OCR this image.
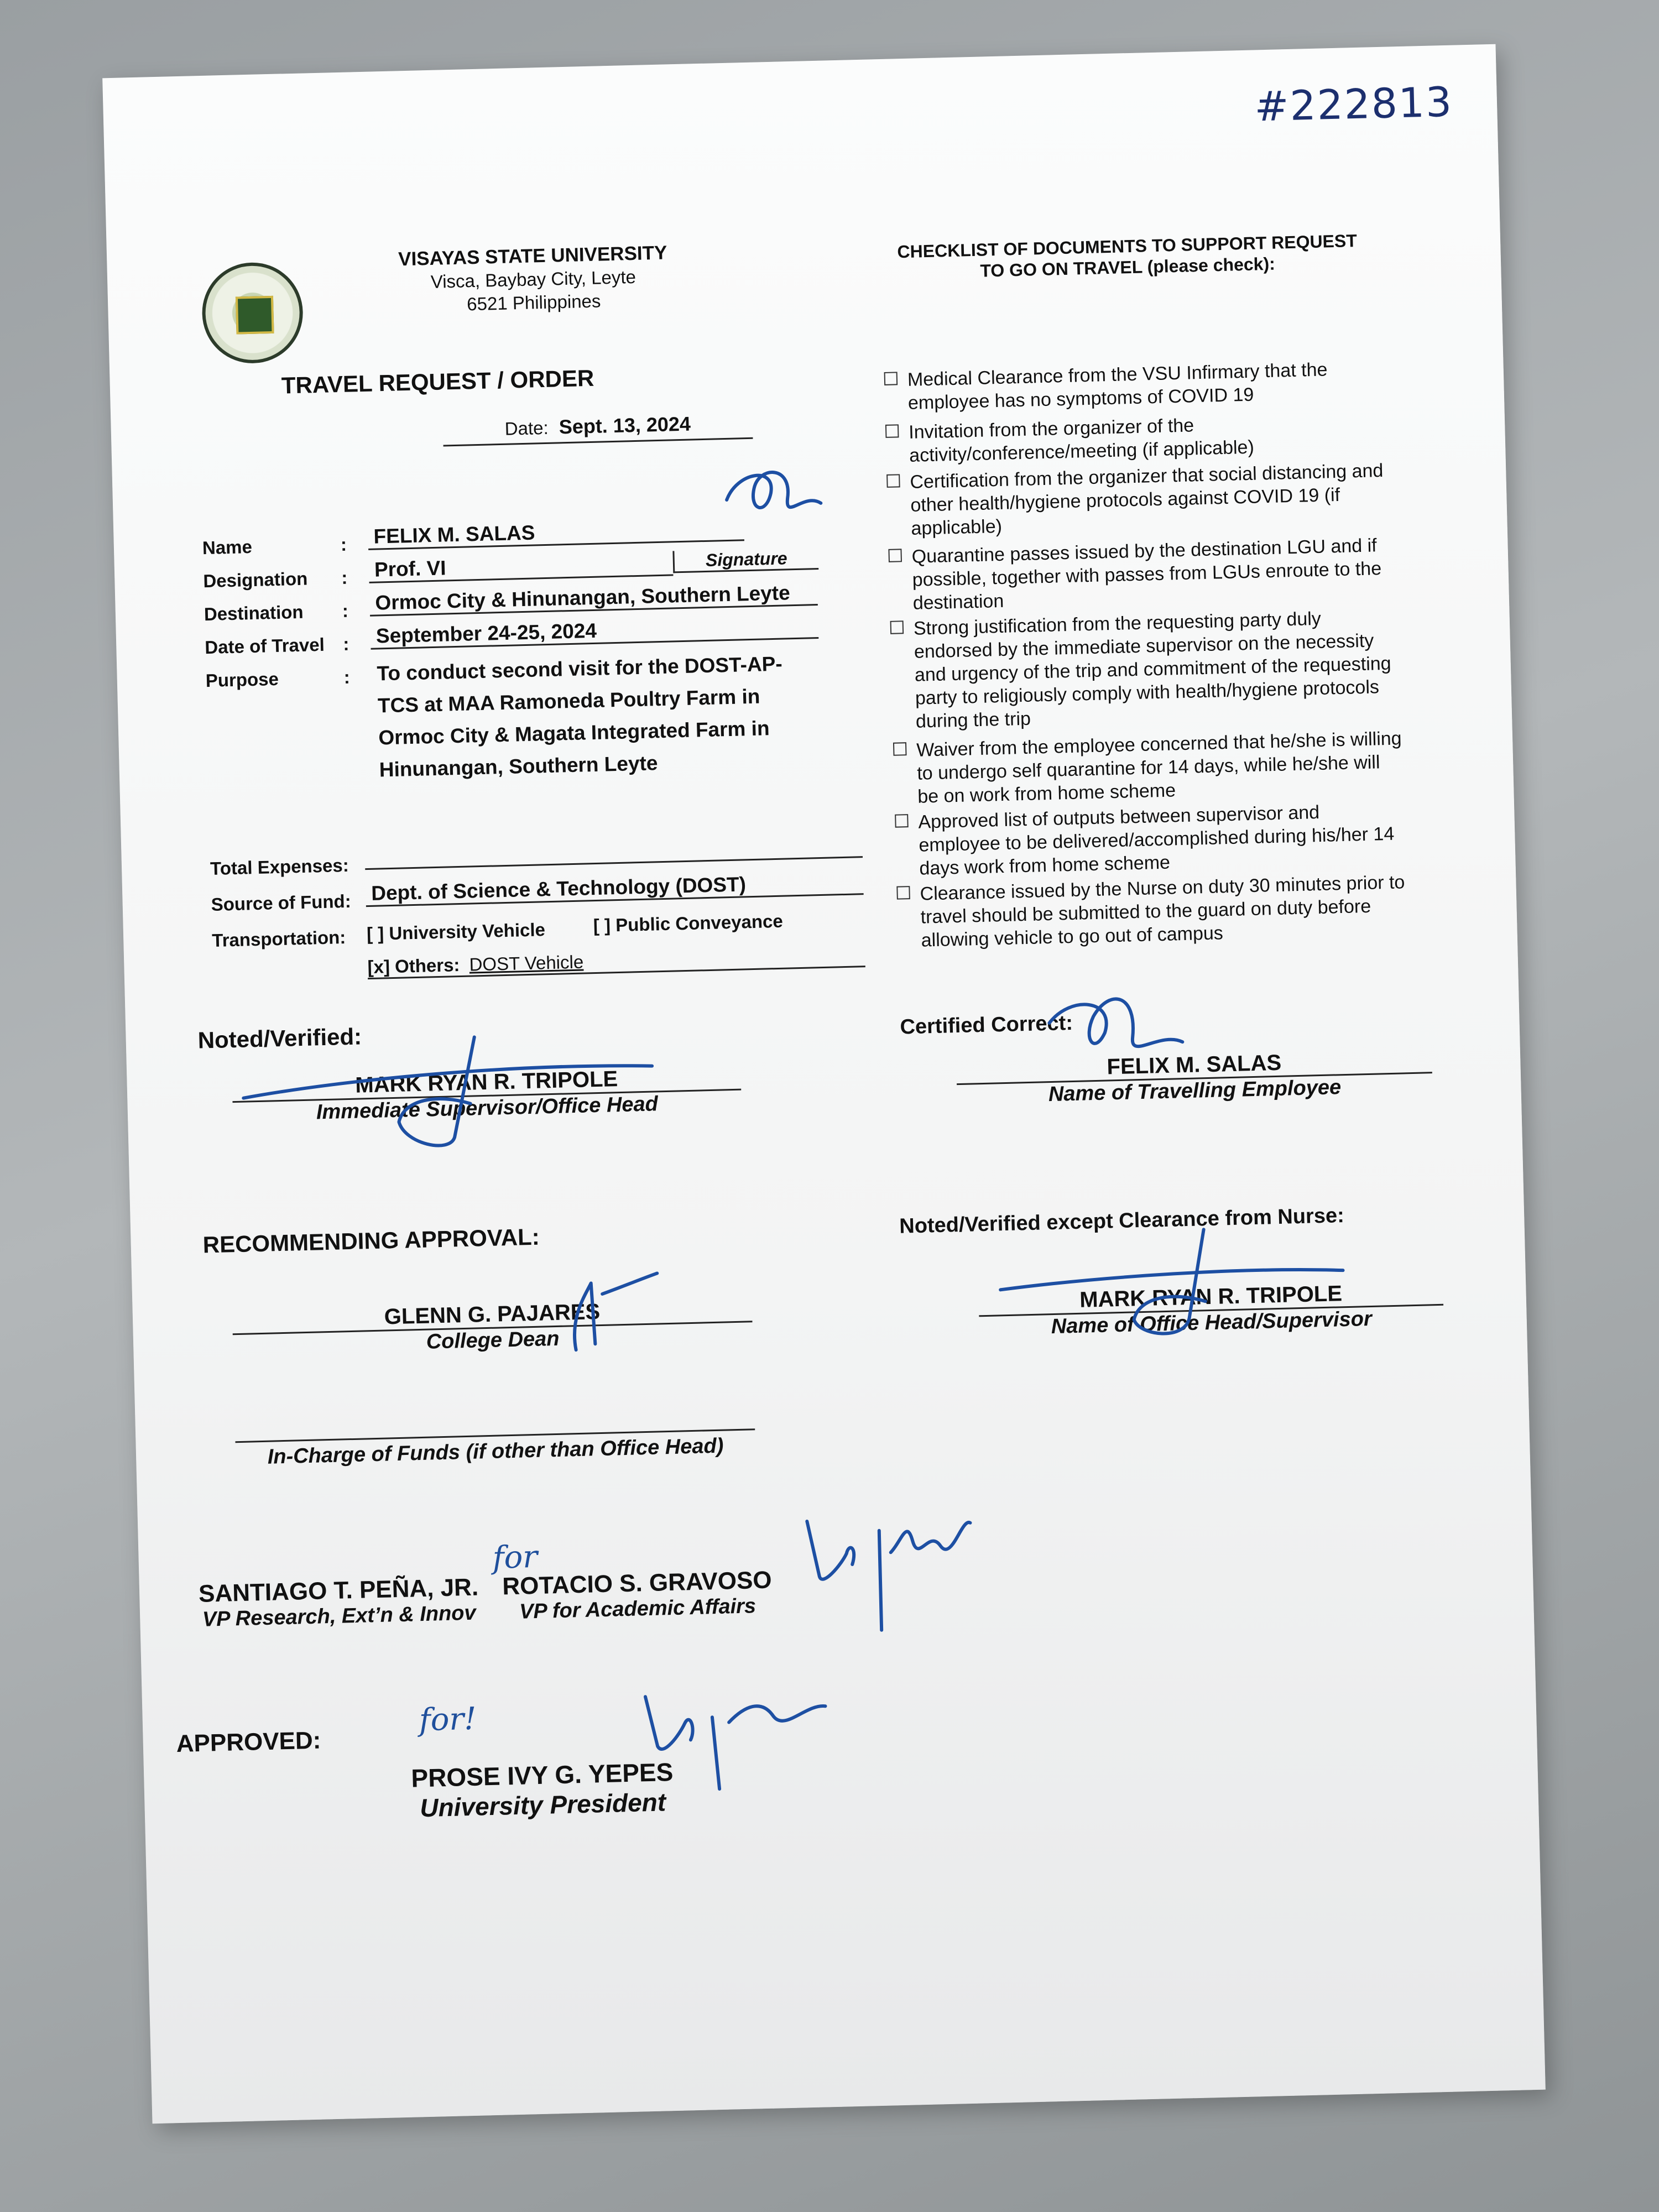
#222813
VISAYAS STATE UNIVERSITY
Visca, Baybay City, Leyte
6521 Philippines
TRAVEL REQUEST / ORDER
Date: Sept. 13, 2024
Name	: FELIX M. SALAS
Designation : Prof. VI	Signature
Destination : Ormoc City & Hinunangan, Southern Leyte
Date of Travel : September 24-25, 2024
Purpose	: To conduct second visit for the DOST-AP-TCS at MAA Ramoneda Poultry Farm in Ormoc City & Magata Integrated Farm in Hinunangan, Southern Leyte
Total Expenses:
Source of Fund: Dept. of Science & Technology (DOST)
Transportation: [ ] University Vehicle	[ ] Public Conveyance
[x] Others: DOST Vehicle
CHECKLIST OF DOCUMENTS TO SUPPORT REQUEST TO GO ON TRAVEL (please check):
Medical Clearance from the VSU Infirmary that the employee has no symptoms of COVID 19
Invitation from the organizer of the activity/conference/meeting (if applicable)
Certification from the organizer that social distancing and other health/hygiene protocols against COVID 19 (if applicable)
Quarantine passes issued by the destination LGU and if possible, together with passes from LGUs enroute to the destination
Strong justification from the requesting party duly endorsed by the immediate supervisor on the necessity and urgency of the trip and commitment of the requesting party to religiously comply with health/hygiene protocols during the trip
Waiver from the employee concerned that he/she is willing to undergo self quarantine for 14 days, while he/she will be on work from home scheme
Approved list of outputs between supervisor and employee to be delivered/accomplished during his/her 14 days work from home scheme
Clearance issued by the Nurse on duty 30 minutes prior to travel should be submitted to the guard on duty before allowing vehicle to go out of campus
Noted/Verified:
MARK RYAN R. TRIPOLE
Immediate Supervisor/Office Head
Certified Correct:
FELIX M. SALAS
Name of Travelling Employee
RECOMMENDING APPROVAL:
GLENN G. PAJARES
College Dean
Noted/Verified except Clearance from Nurse:
MARK RYAN R. TRIPOLE
Name of Office Head/Supervisor
In-Charge of Funds (if other than Office Head)
SANTIAGO T. PEÑA, JR.
VP Research, Ext’n & Innov
ROTACIO S. GRAVOSO
VP for Academic Affairs
APPROVED:
PROSE IVY G. YEPES
University President
for
for!
